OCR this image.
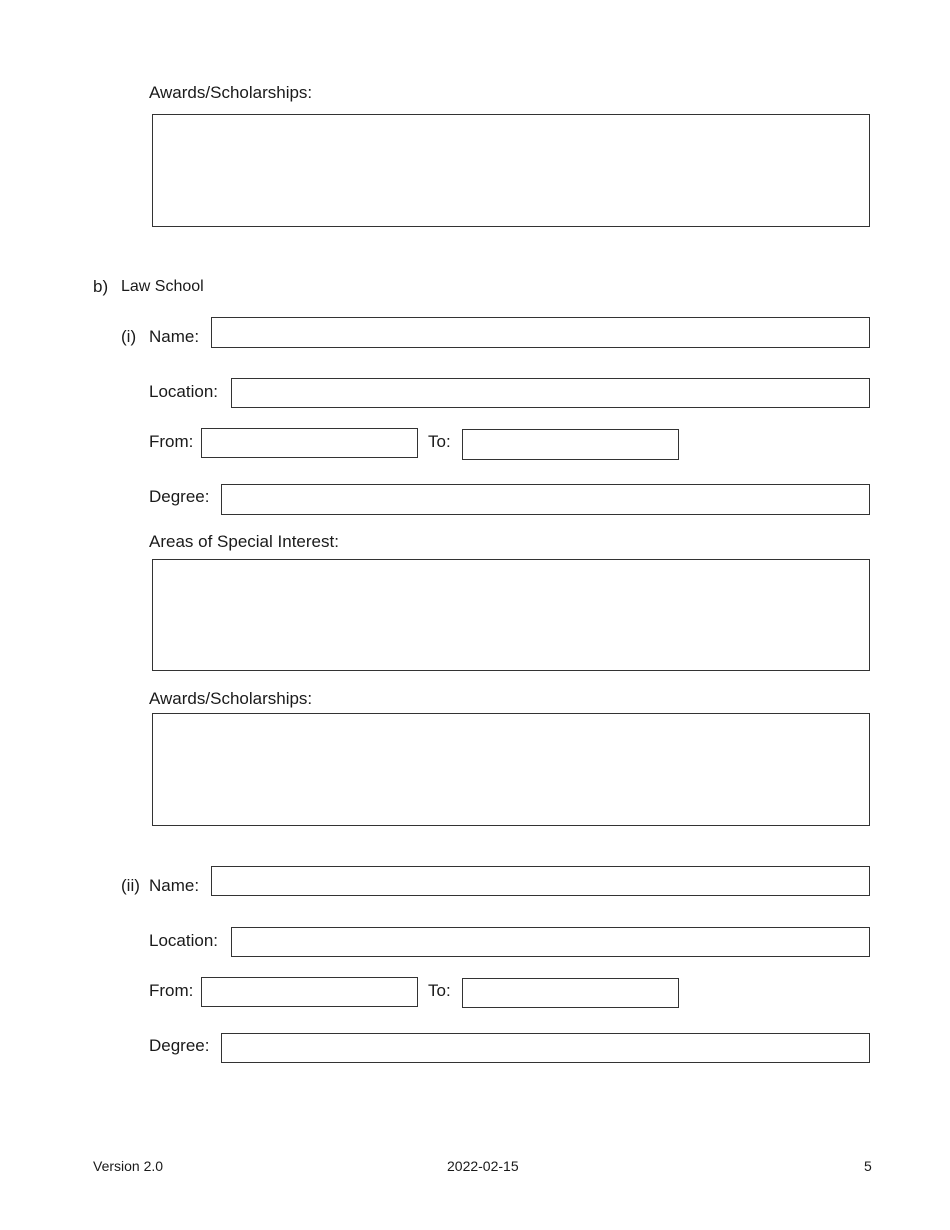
Awards/Scholarships:
b) Law School
(i) Name:
Location:
From:	To:
Degree:
Areas of Special Interest:
Awards/Scholarships:
(ii) Name:
Location:
From:	To:
Degree:
Version 2.0	2022-02-15	5
